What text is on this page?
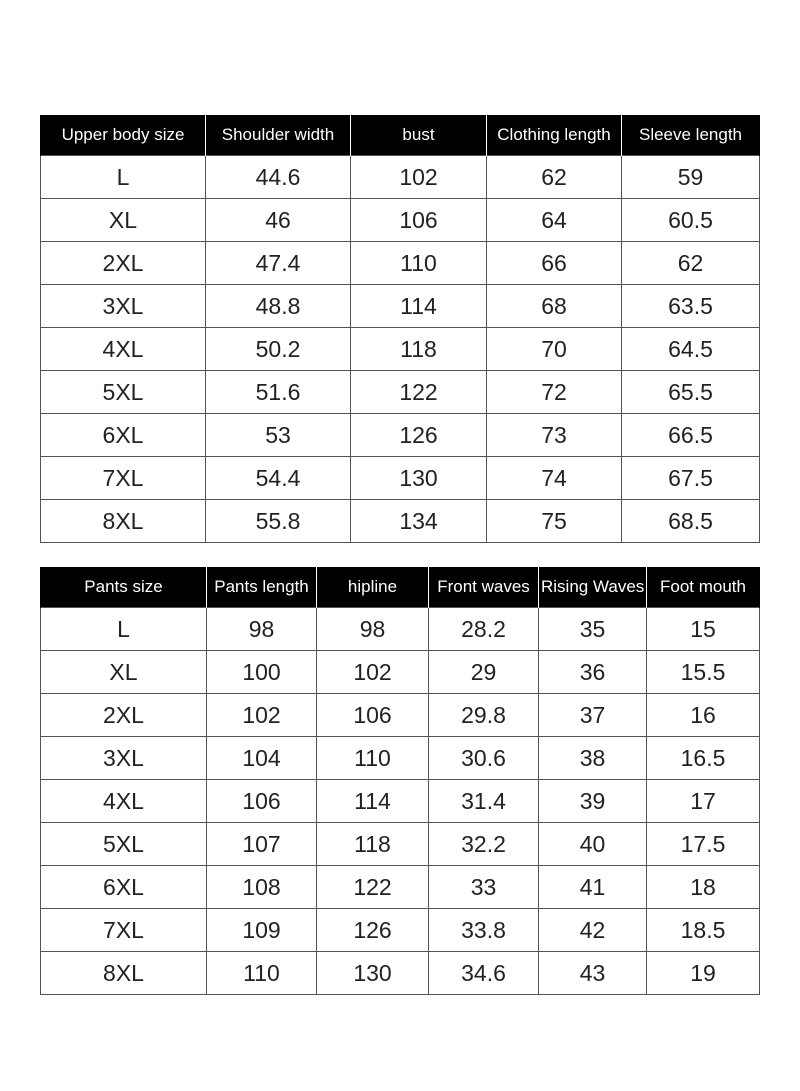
Upper body size	Shoulder width	bust	Clothing length	Sleeve length
L	44.6	102	62	59
XL	46	106	64	60.5
2XL	47.4	110	66	62
3XL	48.8	114	68	63.5
4XL	50.2	118	70	64.5
5XL	51.6	122	72	65.5
6XL	53	126	73	66.5
7XL	54.4	130	74	67.5
8XL	55.8	134	75	68.5
Pants size	Pants length	hipline	Front waves	Rising Waves	Foot mouth
L	98	98	28.2	35	15
XL	100	102	29	36	15.5
2XL	102	106	29.8	37	16
3XL	104	110	30.6	38	16.5
4XL	106	114	31.4	39	17
5XL	107	118	32.2	40	17.5
6XL	108	122	33	41	18
7XL	109	126	33.8	42	18.5
8XL	110	130	34.6	43	19
